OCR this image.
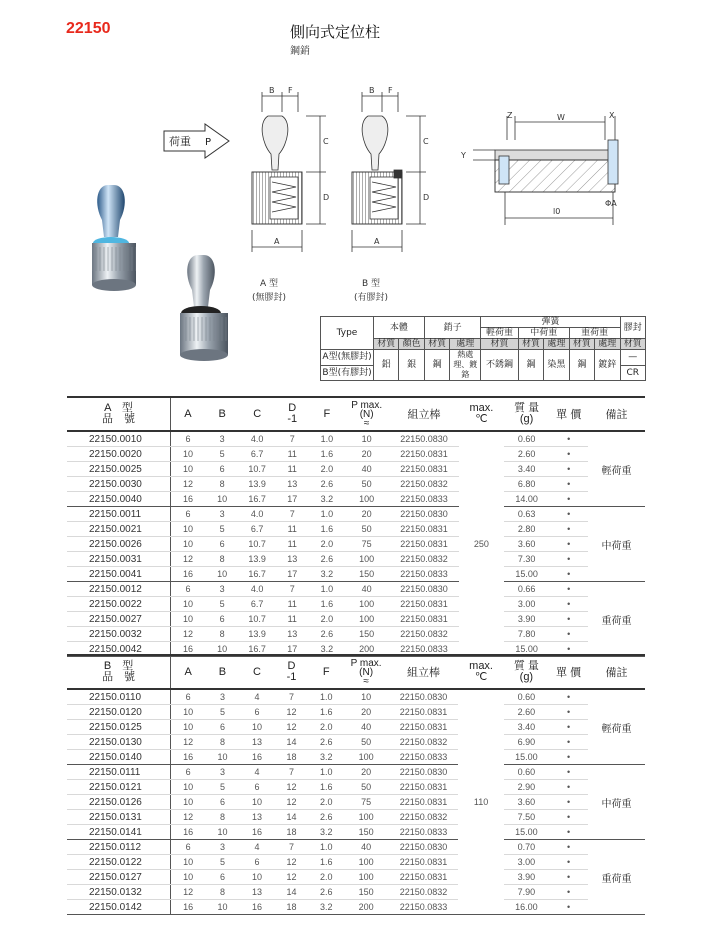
22150	側向式定位柱
鋼銷
荷重 P
B F
C
D
A
B F
C
D
A
A 型
(無膠封)
B 型
(有膠封)
Z	W	X
Y
l0
ΦA
Type	本體		銷子		彈簧					膠封
					輕荷重	中荷重		重荷重		
	材質	顏色	材質	處理	材質	材質	處理	材質	處理	材質
A型(無膠封)	鋁	銀	鋼	熱處理、鍍鉻	不銹鋼	鋼	染黑	鋼	鍍鋅	—
B型(有膠封)										CR
A　型
品　號	A	B	C	D
-1	F	P max.
(N)
≈	組立棒	max.
℃	質 量
(g)	單 價	備註
22150.0010	6	3	4.0	7	1.0	10	22150.0830	250	0.60	•	輕荷重
22150.0020	10	5	6.7	11	1.6	20	22150.0831		2.60	•	
22150.0025	10	6	10.7	11	2.0	40	22150.0831		3.40	•	
22150.0030	12	8	13.9	13	2.6	50	22150.0832		6.80	•	
22150.0040	16	10	16.7	17	3.2	100	22150.0833		14.00	•	
22150.0011	6	3	4.0	7	1.0	20	22150.0830		0.63	•	中荷重
22150.0021	10	5	6.7	11	1.6	50	22150.0831		2.80	•	
22150.0026	10	6	10.7	11	2.0	75	22150.0831		3.60	•	
22150.0031	12	8	13.9	13	2.6	100	22150.0832		7.30	•	
22150.0041	16	10	16.7	17	3.2	150	22150.0833		15.00	•	
22150.0012	6	3	4.0	7	1.0	40	22150.0830		0.66	•	重荷重
22150.0022	10	5	6.7	11	1.6	100	22150.0831		3.00	•	
22150.0027	10	6	10.7	11	2.0	100	22150.0831		3.90	•	
22150.0032	12	8	13.9	13	2.6	150	22150.0832		7.80	•	
22150.0042	16	10	16.7	17	3.2	200	22150.0833		15.00	•	
B　型
品　號	A	B	C	D
-1	F	P max.
(N)
≈	組立棒	max.
℃	質 量
(g)	單 價	備註
22150.0110	6	3	4	7	1.0	10	22150.0830	110	0.60	•	輕荷重
22150.0120	10	5	6	12	1.6	20	22150.0831		2.60	•	
22150.0125	10	6	10	12	2.0	40	22150.0831		3.40	•	
22150.0130	12	8	13	14	2.6	50	22150.0832		6.90	•	
22150.0140	16	10	16	18	3.2	100	22150.0833		15.00	•	
22150.0111	6	3	4	7	1.0	20	22150.0830		0.60	•	中荷重
22150.0121	10	5	6	12	1.6	50	22150.0831		2.90	•	
22150.0126	10	6	10	12	2.0	75	22150.0831		3.60	•	
22150.0131	12	8	13	14	2.6	100	22150.0832		7.50	•	
22150.0141	16	10	16	18	3.2	150	22150.0833		15.00	•	
22150.0112	6	3	4	7	1.0	40	22150.0830		0.70	•	重荷重
22150.0122	10	5	6	12	1.6	100	22150.0831		3.00	•	
22150.0127	10	6	10	12	2.0	100	22150.0831		3.90	•	
22150.0132	12	8	13	14	2.6	150	22150.0832		7.90	•	
22150.0142	16	10	16	18	3.2	200	22150.0833		16.00	•	
